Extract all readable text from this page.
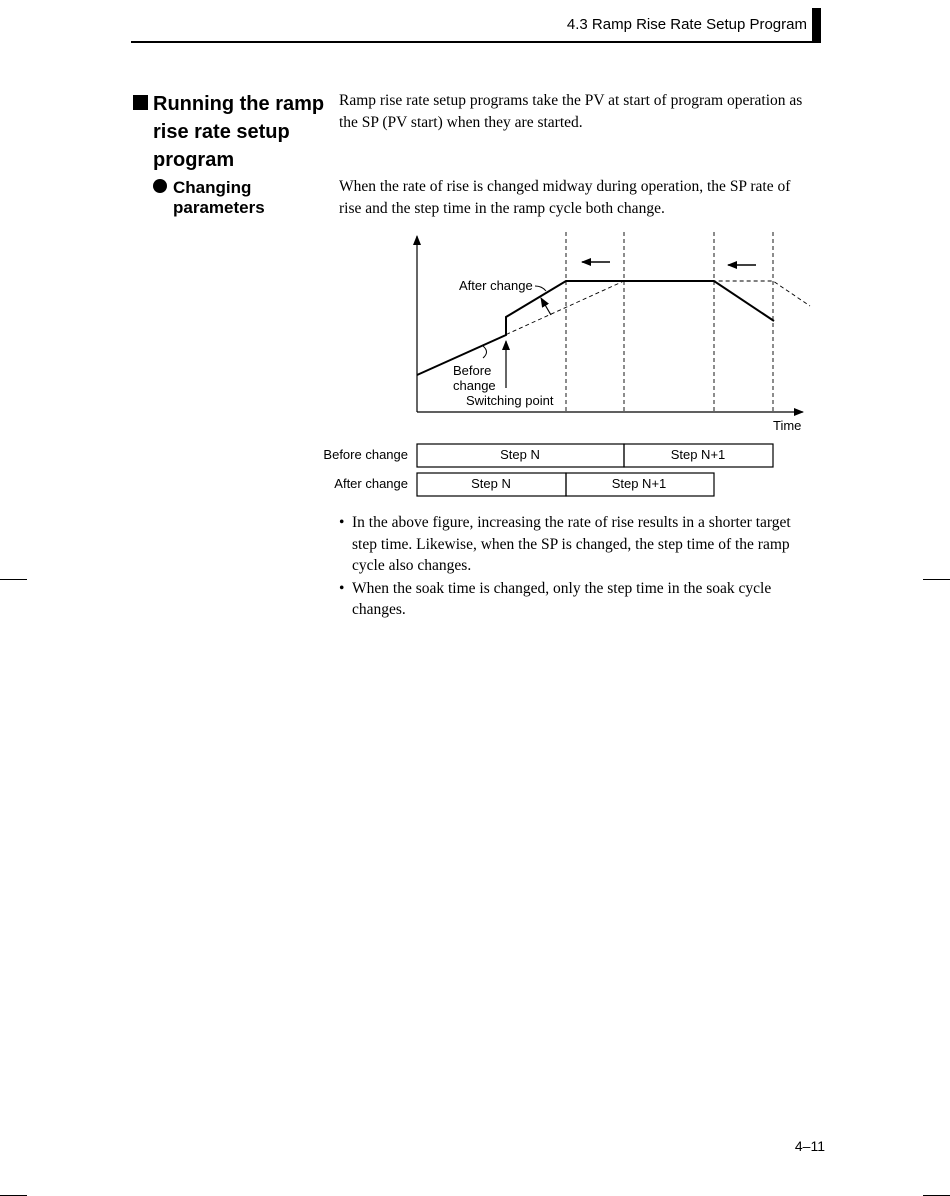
4.3 Ramp Rise Rate Setup Program
Running the ramp
rise rate setup program
Changing
parameters
Ramp rise rate setup programs take the PV at start of program operation as the SP (PV start) when they are started.
When the rate of rise is changed midway during operation, the SP rate of rise and the step time in the ramp cycle both change.
After change
Before
change
Switching point
Time
Before change	Step N	Step N+1
After change	Step N	Step N+1
• In the above figure, increasing the rate of rise results in a shorter target step time. Likewise, when the SP is changed, the step time of the ramp cycle also changes.
• When the soak time is changed, only the step time in the soak cycle changes.
4–11
